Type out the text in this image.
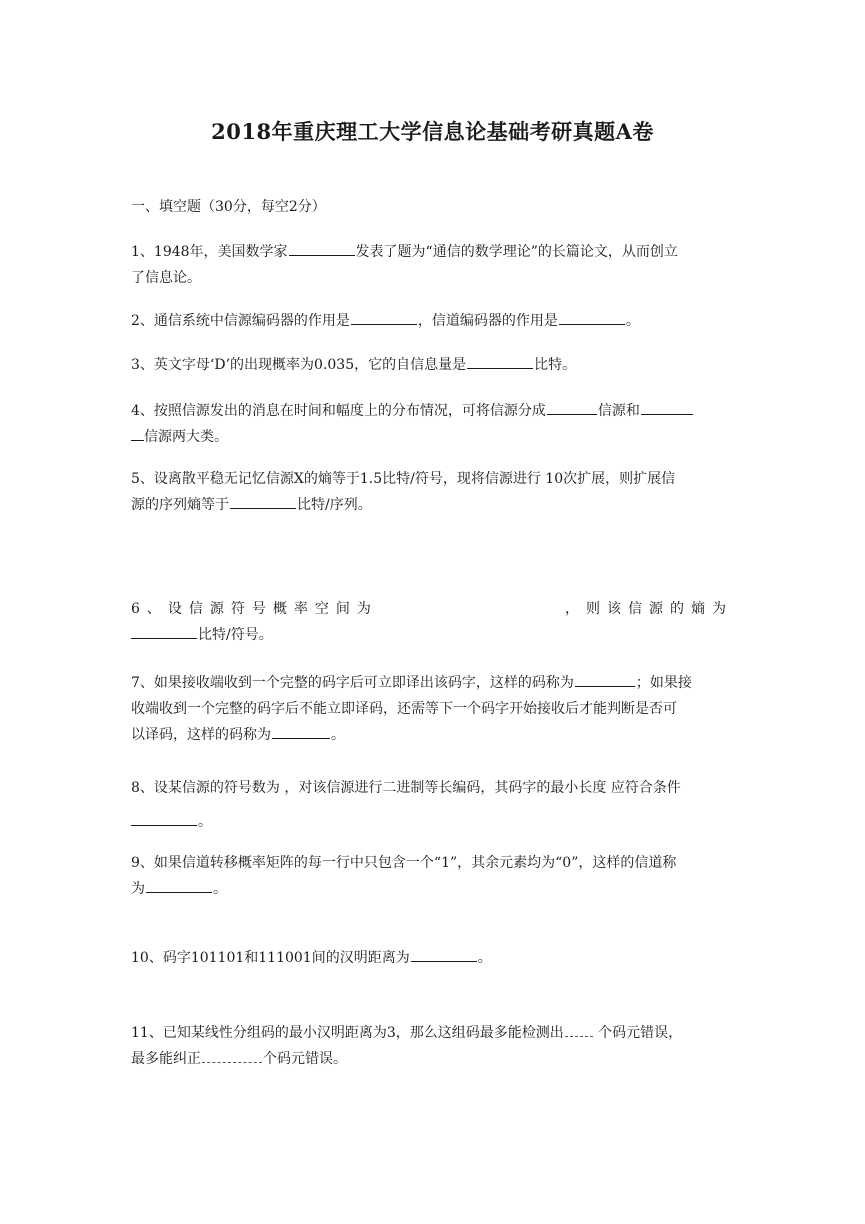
2018年重庆理工大学信息论基础考研真题A卷
一、填空题（30分，每空2分）
1、1948年，美国数学家	发表了题为“通信的数学理论”的长篇论文，从而创立
了信息论。
2、通信系统中信源编码器的作用是	，信道编码器的作用是	。
3、英文字母‘D’的出现概率为0.035，它的自信息量是	比特。
4、按照信源发出的消息在时间和幅度上的分布情况，可将信源分成	信源和
信源两大类。
5、设离散平稳无记忆信源X的熵等于1.5比特/符号，现将信源进行 10次扩展，则扩展信
源的序列熵等于	比特/序列。
6、设信源符号概率空间为	，则该信源的熵为
比特/符号。
7、如果接收端收到一个完整的码字后可立即译出该码字，这样的码称为	；如果接
收端收到一个完整的码字后不能立即译码，还需等下一个码字开始接收后才能判断是否可
以译码，这样的码称为	。
8、设某信源的符号数为 ，对该信源进行二进制等长编码，其码字的最小长度 应符合条件
。
9、如果信道转移概率矩阵的每一行中只包含一个“1”，其余元素均为“0”，这样的信道称
为	。
10、码字101101和111001间的汉明距离为	。
11、已知某线性分组码的最小汉明距离为3，那么这组码最多能检测出 个码元错误，
最多能纠正	个码元错误。
